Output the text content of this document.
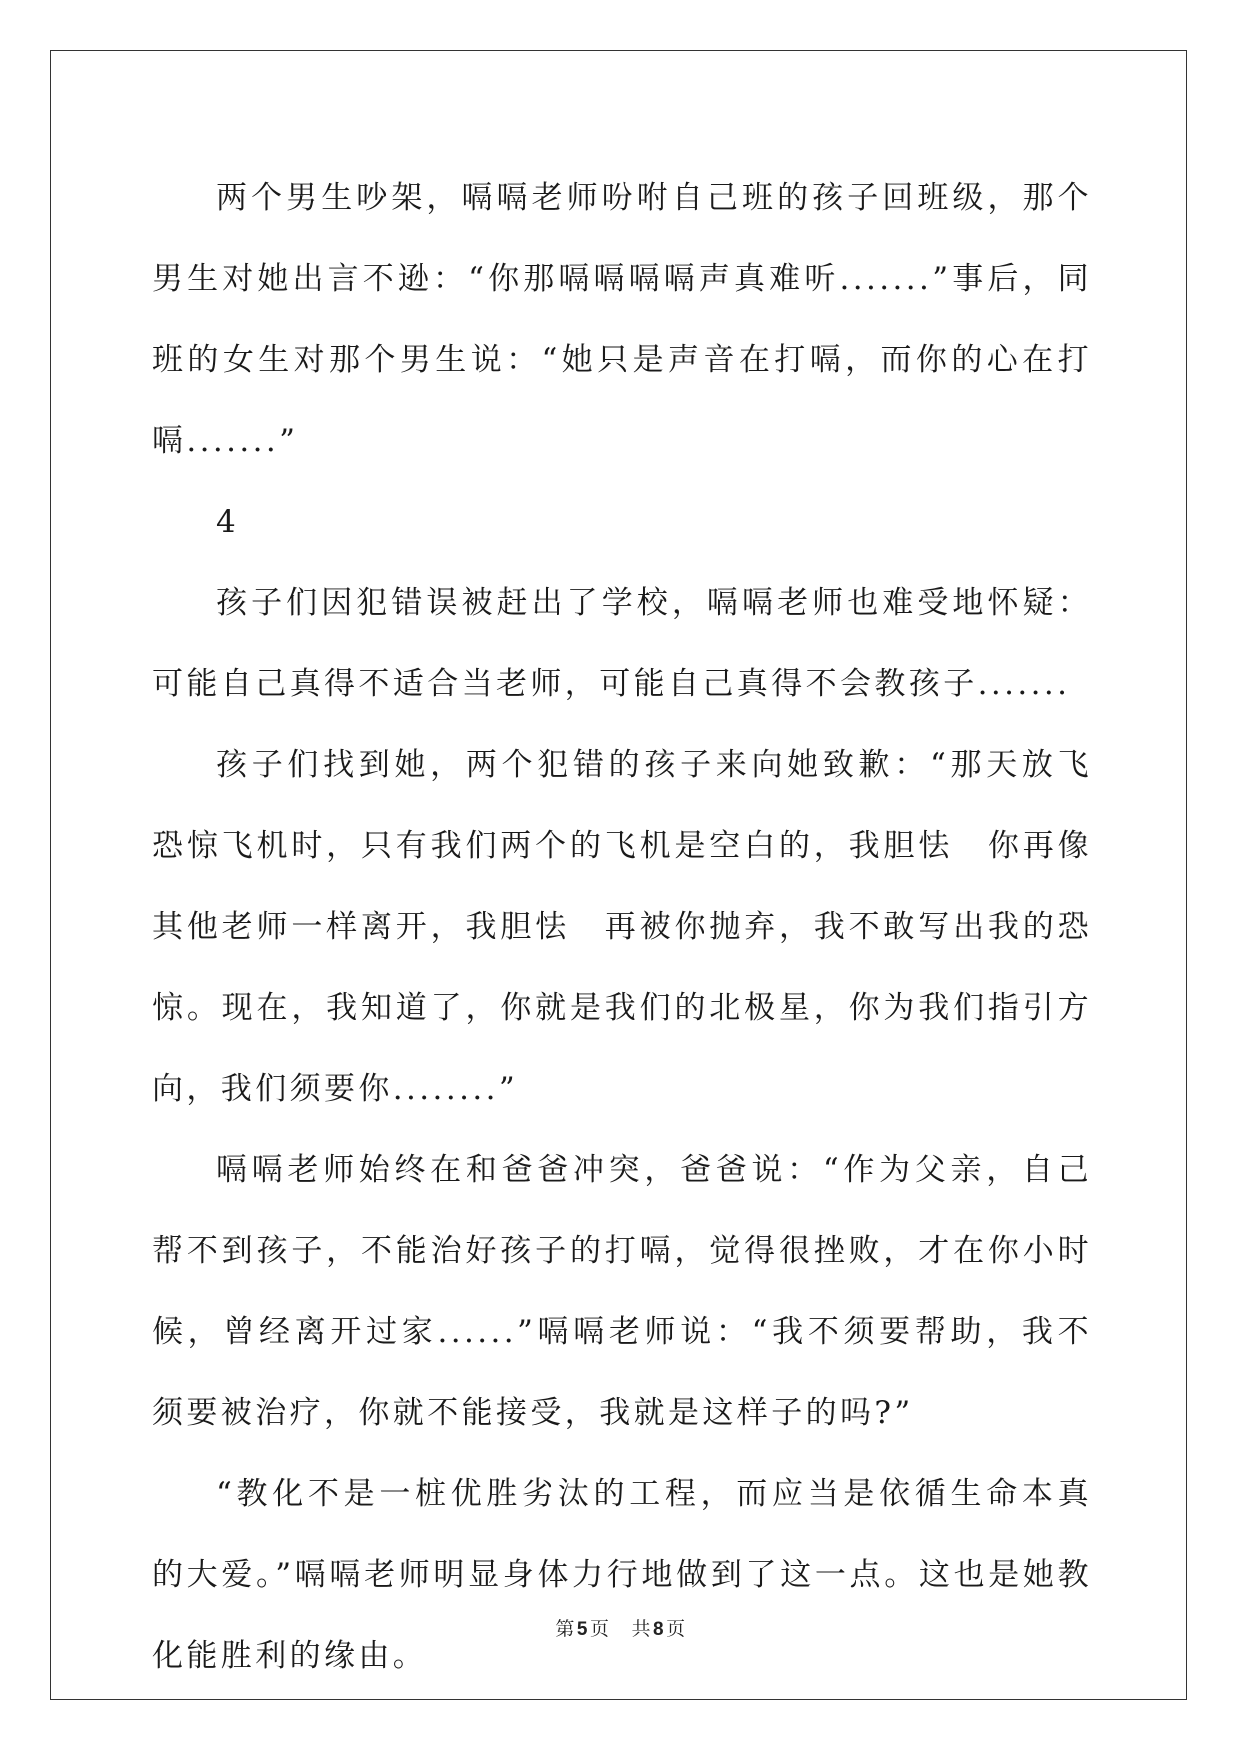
两个男生吵架，嗝嗝老师吩咐自己班的孩子回班级，那个男生对她出言不逊：“你那嗝嗝嗝嗝声真难听.......”事后，同班的女生对那个男生说：“她只是声音在打嗝，而你的心在打嗝.......”

4

孩子们因犯错误被赶出了学校，嗝嗝老师也难受地怀疑：可能自己真得不适合当老师，可能自己真得不会教孩子.......

孩子们找到她，两个犯错的孩子来向她致歉：“那天放飞恐惊飞机时，只有我们两个的飞机是空白的，我胆怯　你再像其他老师一样离开，我胆怯　再被你抛弃，我不敢写出我的恐惊。现在，我知道了，你就是我们的北极星，你为我们指引方向，我们须要你........”

嗝嗝老师始终在和爸爸冲突，爸爸说：“作为父亲，自己帮不到孩子，不能治好孩子的打嗝，觉得很挫败，才在你小时候，曾经离开过家......”嗝嗝老师说：“我不须要帮助，我不须要被治疗，你就不能接受，我就是这样子的吗?”

“教化不是一桩优胜劣汰的工程，而应当是依循生命本真的大爱。”嗝嗝老师明显身体力行地做到了这一点。这也是她教化能胜利的缘由。

第 5 页 共 8 页
